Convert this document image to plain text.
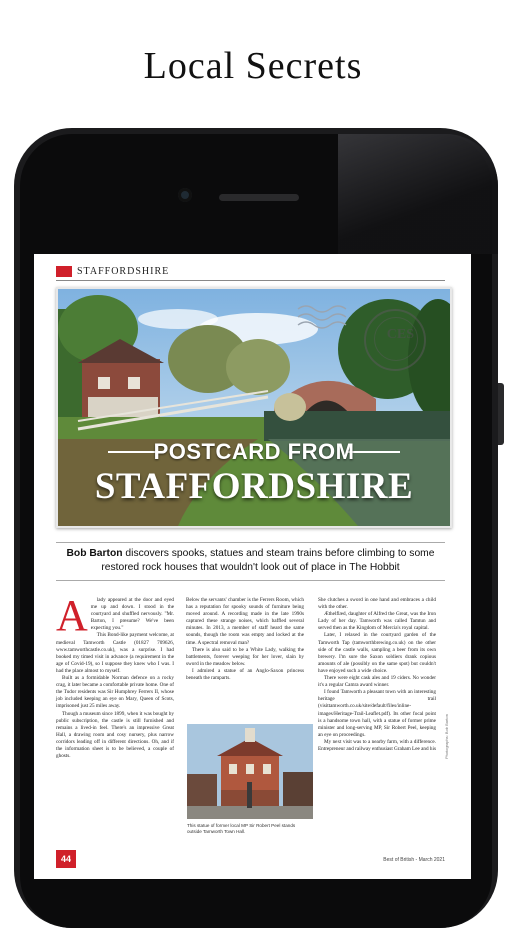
Local Secrets
STAFFORDSHIRE
CES
POSTCARD FROM
STAFFORDSHIRE
Bob Barton discovers spooks, statues and steam trains before climbing to some restored rock houses that wouldn't look out of place in The Hobbit
A	lady appeared at the door and eyed me up and down. I stood in the courtyard and shuffled nervously. "Mr. Barton, I presume? We've been expecting you."

This Bond-like payment welcome, at medieval Tamworth Castle (01827 709626, www.tamworthcastle.co.uk), was a surprise. I had booked my timed visit in advance (a requirement in the age of Covid-19), so I suppose they knew who I was. I had the place almost to myself.

Built as a formidable Norman defence on a rocky crag, it later became a comfortable private home. One of the Tudor residents was Sir Humphrey Ferrers II, whose job included keeping an eye on Mary, Queen of Scots, imprisoned just 25 miles away.

Though a museum since 1899, when it was bought by public subscription, the castle is still furnished and remains a lived-in feel. There's an impressive Great Hall, a drawing room and cosy nursery, plus narrow corridors leading off in different directions. Oh, and if the information sheet is to be believed, a couple of ghosts.

Below the servants' chamber is the Ferrers Room, which has a reputation for spooky sounds of furniture being moved around. A recording made in the late 1990s captured these strange noises, which baffled several minutes. In 2013, a member of staff heard the same sounds, though the room was empty and locked at the time. A spectral removal man?

There is also said to be a White Lady, walking the battlements, forever weeping for her lover, slain by sword in the meadow below.

I admired a statue of an Anglo-Saxon princess beneath the ramparts.

This statue of former local MP Sir Robert Peel stands outside Tamworth Town Hall.

She clutches a sword in one hand and embraces a child with the other.

Æthelflæd, daughter of Alfred the Great, was the Iron Lady of her day. Tamworth was called Tamtun and served then as the Kingdom of Mercia's royal capital.

Later, I relaxed in the courtyard garden of the Tamworth Tap (tamworthbrewing.co.uk) on the other side of the castle walls, sampling a beer from its own brewery. I'm sure the Saxon soldiers drank copious amounts of ale (possibly on the same spot) but couldn't have enjoyed such a wide choice.

There were eight cask ales and 19 ciders. No wonder it's a regular Camra award winner.

I found Tamworth a pleasant town with an interesting heritage trail (visittamworth.co.uk/site/default/files/inline-images/Heritage-Trail-Leaflet.pdf). Its other focal point is a handsome town hall, with a statue of former prime minister and long-serving MP, Sir Robert Peel, keeping an eye on proceedings.

My next visit was to a nearby farm, with a difference. Entrepreneur and railway enthusiast Graham Lee and his Photographs: Bob Barton
44	Best of British - March 2021
